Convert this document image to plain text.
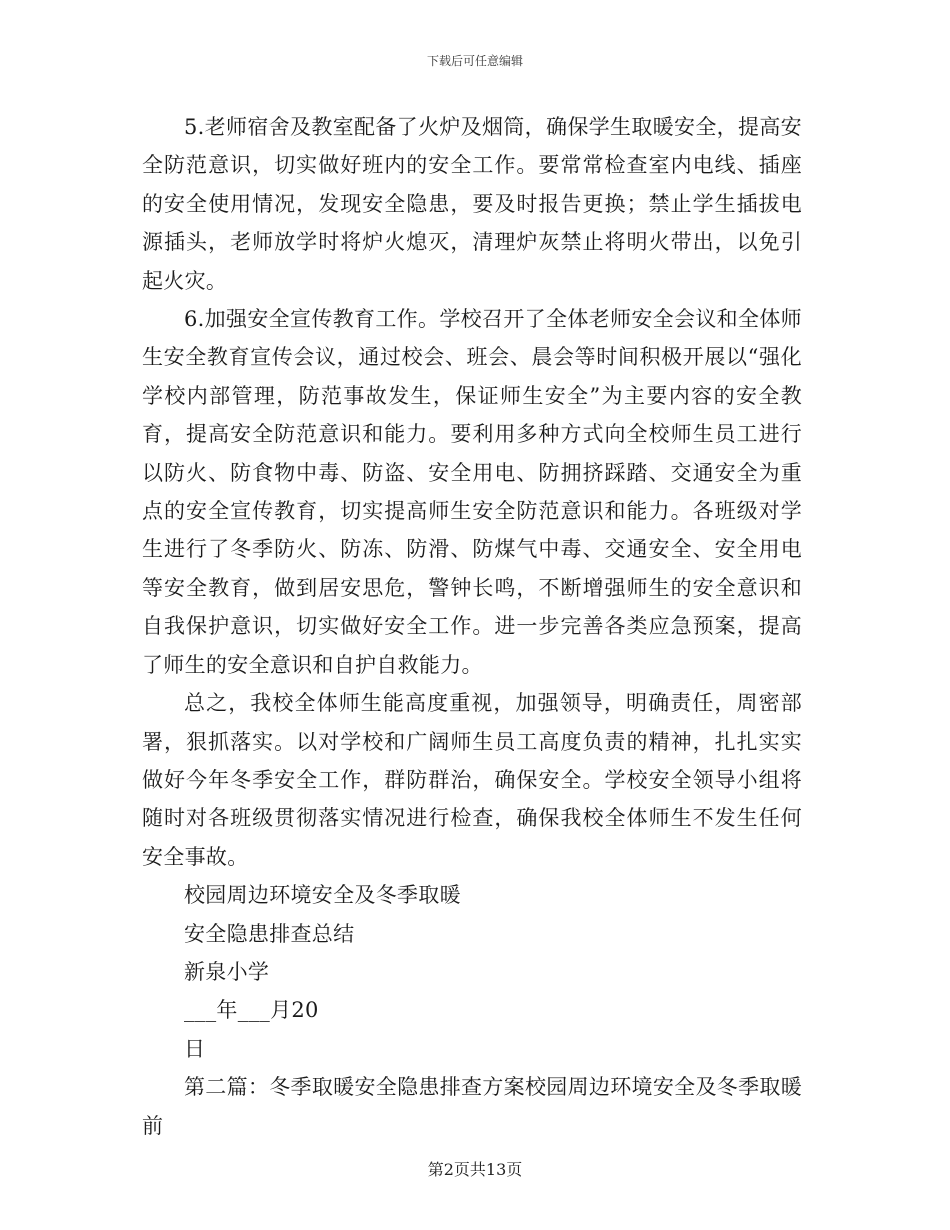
下载后可任意编辑

5.老师宿舍及教室配备了火炉及烟筒，确保学生取暖安全，提高安全防范意识，切实做好班内的安全工作。要常常检查室内电线、插座的安全使用情况，发现安全隐患，要及时报告更换；禁止学生插拔电源插头，老师放学时将炉火熄灭，清理炉灰禁止将明火带出，以免引起火灾。

6.加强安全宣传教育工作。学校召开了全体老师安全会议和全体师生安全教育宣传会议，通过校会、班会、晨会等时间积极开展以“强化学校内部管理，防范事故发生，保证师生安全”为主要内容的安全教育，提高安全防范意识和能力。要利用多种方式向全校师生员工进行以防火、防食物中毒、防盗、安全用电、防拥挤踩踏、交通安全为重点的安全宣传教育，切实提高师生安全防范意识和能力。各班级对学生进行了冬季防火、防冻、防滑、防煤气中毒、交通安全、安全用电等安全教育，做到居安思危，警钟长鸣，不断增强师生的安全意识和自我保护意识，切实做好安全工作。进一步完善各类应急预案，提高了师生的安全意识和自护自救能力。

总之，我校全体师生能高度重视，加强领导，明确责任，周密部署，狠抓落实。以对学校和广阔师生员工高度负责的精神，扎扎实实做好今年冬季安全工作，群防群治，确保安全。学校安全领导小组将随时对各班级贯彻落实情况进行检查，确保我校全体师生不发生任何安全事故。

校园周边环境安全及冬季取暖

安全隐患排查总结

新泉小学

___年___月20

日

第二篇：冬季取暖安全隐患排查方案校园周边环境安全及冬季取暖前

第2页共13页
